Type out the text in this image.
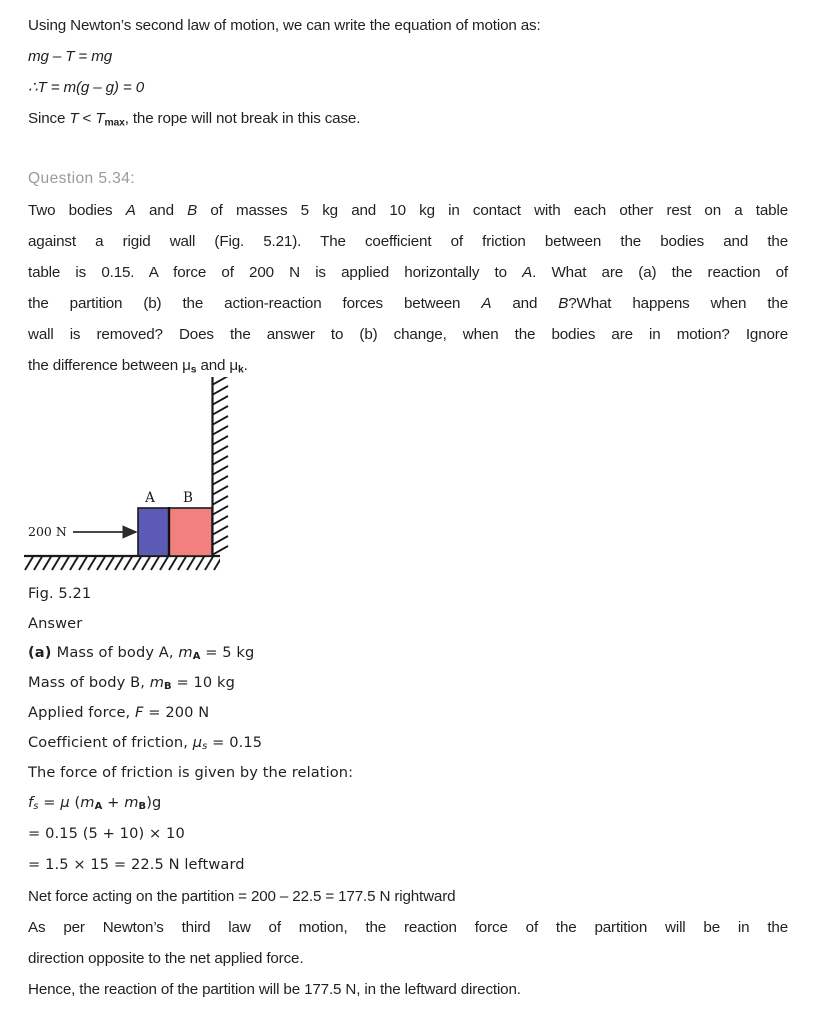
Using Newton’s second law of motion, we can write the equation of motion as:
mg – T = mg
∴T = m(g – g) = 0
Since $T < T_{max}$, the rope will not break in this case.
Question 5.34:
Two bodies A and B of masses 5 kg and 10 kg in contact with each other rest on a table
against a rigid wall (Fig. 5.21). The coefficient of friction between the bodies and the
table is 0.15. A force of 200 N is applied horizontally to A. What are (a) the reaction of
the partition (b) the action-reaction forces between A and B?What happens when the
wall is removed? Does the answer to (b) change, when the bodies are in motion? Ignore
the difference between $\mu_s$ and $\mu_k$.
A B
200 N
Fig. 5.21
Answer
(a) Mass of body A, $m_A = 5$ kg
Mass of body B, $m_B = 10$ kg
Applied force, F = 200 N
Coefficient of friction, $\mu_s = 0.15$
The force of friction is given by the relation:
$f_s = \mu$ $(m_A + m_B)g$
= 0.15 (5 + 10) × 10
= 1.5 × 15 = 22.5 N leftward
Net force acting on the partition = 200 – 22.5 = 177.5 N rightward
As per Newton’s third law of motion, the reaction force of the partition will be in the
direction opposite to the net applied force.
Hence, the reaction of the partition will be 177.5 N, in the leftward direction.
